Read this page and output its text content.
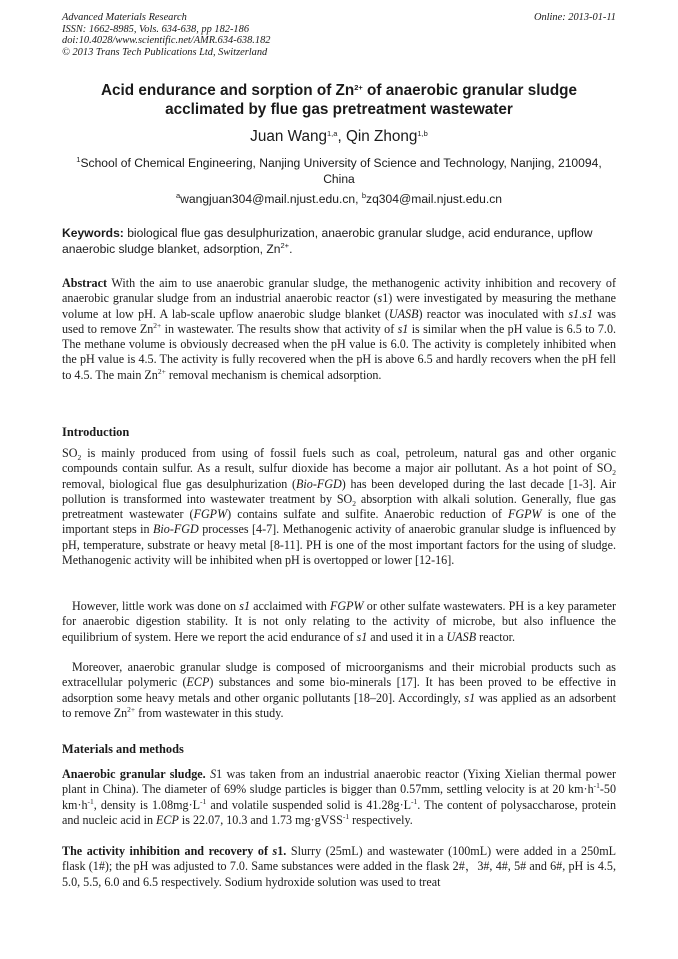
Advanced Materials Research
ISSN: 1662-8985, Vols. 634-638, pp 182-186
doi:10.4028/www.scientific.net/AMR.634-638.182
© 2013 Trans Tech Publications Ltd, Switzerland
Online: 2013-01-11
Acid endurance and sorption of $Zn^{2+}$ of anaerobic granular sludge acclimated by flue gas pretreatment wastewater
Juan Wang$^{1,a}$, Qin Zhong$^{1,b}$
$^1$School of Chemical Engineering, Nanjing University of Science and Technology, Nanjing, 210094, China
$^a$wangjuan304@mail.njust.edu.cn, $^b$zq304@mail.njust.edu.cn
Keywords: biological flue gas desulphurization, anaerobic granular sludge, acid endurance, upflow anaerobic sludge blanket, adsorption, $Zn^{2+}$.

Abstract With the aim to use anaerobic granular sludge, the methanogenic activity inhibition and recovery of anaerobic granular sludge from an industrial anaerobic reactor (s1) were investigated by measuring the methane volume at low pH. A lab-scale upflow anaerobic sludge blanket (UASB) reactor was inoculated with s1.s1 was used to remove $Zn^{2+}$ in wastewater. The results show that activity of s1 is similar when the pH value is 6.5 to 7.0. The methane volume is obviously decreased when the pH value is 6.0. The activity is completely inhibited when the pH value is 4.5. The activity is fully recovered when the pH is above 6.5 and hardly recovers when the pH fell to 4.5. The main $Zn^{2+}$ removal mechanism is chemical adsorption.

Introduction

$SO_2$ is mainly produced from using of fossil fuels such as coal, petroleum, natural gas and other organic compounds contain sulfur. As a result, sulfur dioxide has become a major air pollutant. As a hot point of $SO_2$ removal, biological flue gas desulphurization (Bio-FGD) has been developed during the last decade [1-3]. Air pollution is transformed into wastewater treatment by $SO_2$ absorption with alkali solution. Generally, flue gas pretreatment wastewater (FGPW) contains sulfate and sulfite. Anaerobic reduction of FGPW is one of the important steps in Bio-FGD processes [4-7]. Methanogenic activity of anaerobic granular sludge is influenced by pH, temperature, substrate or heavy metal [8-11]. PH is one of the most important factors for the using of sludge. Methanogenic activity will be inhibited when pH is overtopped or lower [12-16].

However, little work was done on s1 acclaimed with FGPW or other sulfate wastewaters. PH is a key parameter for anaerobic digestion stability. It is not only relating to the activity of microbe, but also influence the equilibrium of system. Here we report the acid endurance of s1 and used it in a UASB reactor.

Moreover, anaerobic granular sludge is composed of microorganisms and their microbial products such as extracellular polymeric (ECP) substances and some bio-minerals [17]. It has been proved to be effective in adsorption some heavy metals and other organic pollutants [18–20]. Accordingly, s1 was applied as an adsorbent to remove $Zn^{2+}$ from wastewater in this study.

Materials and methods

Anaerobic granular sludge. S1 was taken from an industrial anaerobic reactor (Yixing Xielian thermal power plant in China). The diameter of 69% sludge particles is bigger than 0.57mm, settling velocity is at 20 $km\cdot h^{-1}-50$ $km\cdot h^{-1}$, density is $1.08mg\cdot L^{-1}$ and volatile suspended solid is $41.28g\cdot L^{-1}$. The content of polysaccharose, protein and nucleic acid in ECP is 22.07, 10.3 and 1.73 mg·gVSS$^{-1}$ respectively.

The activity inhibition and recovery of s1. Slurry (25mL) and wastewater (100mL) were added in a 250mL flask (1#); the pH was adjusted to 7.0. Same substances were added in the flask 2#，3#, 4#, 5# and 6#, pH is 4.5, 5.0, 5.5, 6.0 and 6.5 respectively. Sodium hydroxide solution was used to treat
